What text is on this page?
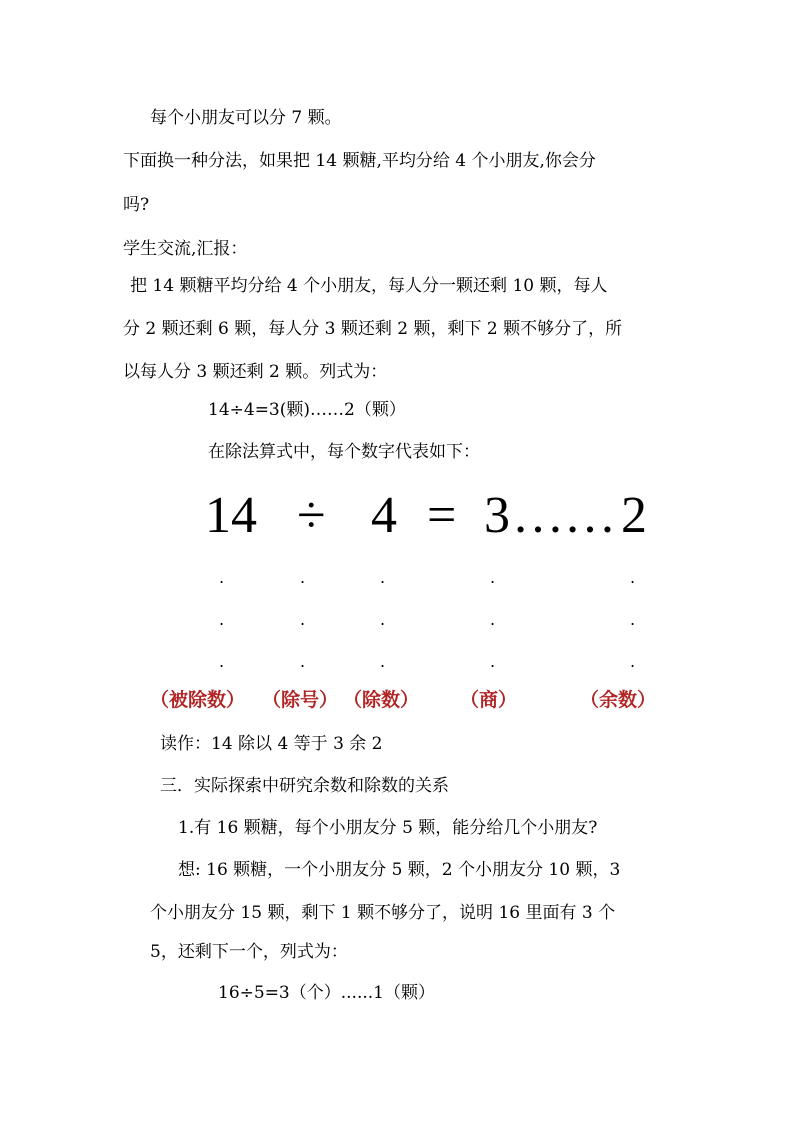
每个小朋友可以分 7 颗。
下面换一种分法，如果把 14 颗糖,平均分给 4 个小朋友,你会分
吗?
学生交流,汇报：
把 14 颗糖平均分给 4 个小朋友，每人分一颗还剩 10 颗，每人
分 2 颗还剩 6 颗，每人分 3 颗还剩 2 颗，剩下 2 颗不够分了，所
以每人分 3 颗还剩 2 颗。列式为：
14÷4=3(颗)……2（颗）
在除法算式中，每个数字代表如下：
14 ÷ 4 = 3 …… 2
.	.	.	.	.
.	.	.	.	.
.	.	.	.	.
（被除数） （除号） （除数） （商）	（余数）
读作：14 除以 4 等于 3 余 2
三．实际探索中研究余数和除数的关系
1.有 16 颗糖，每个小朋友分 5 颗，能分给几个小朋友?
想: 16 颗糖，一个小朋友分 5 颗，2 个小朋友分 10 颗，3
个小朋友分 15 颗，剩下 1 颗不够分了，说明 16 里面有 3 个
5，还剩下一个，列式为：
16÷5=3（个）......1（颗）
